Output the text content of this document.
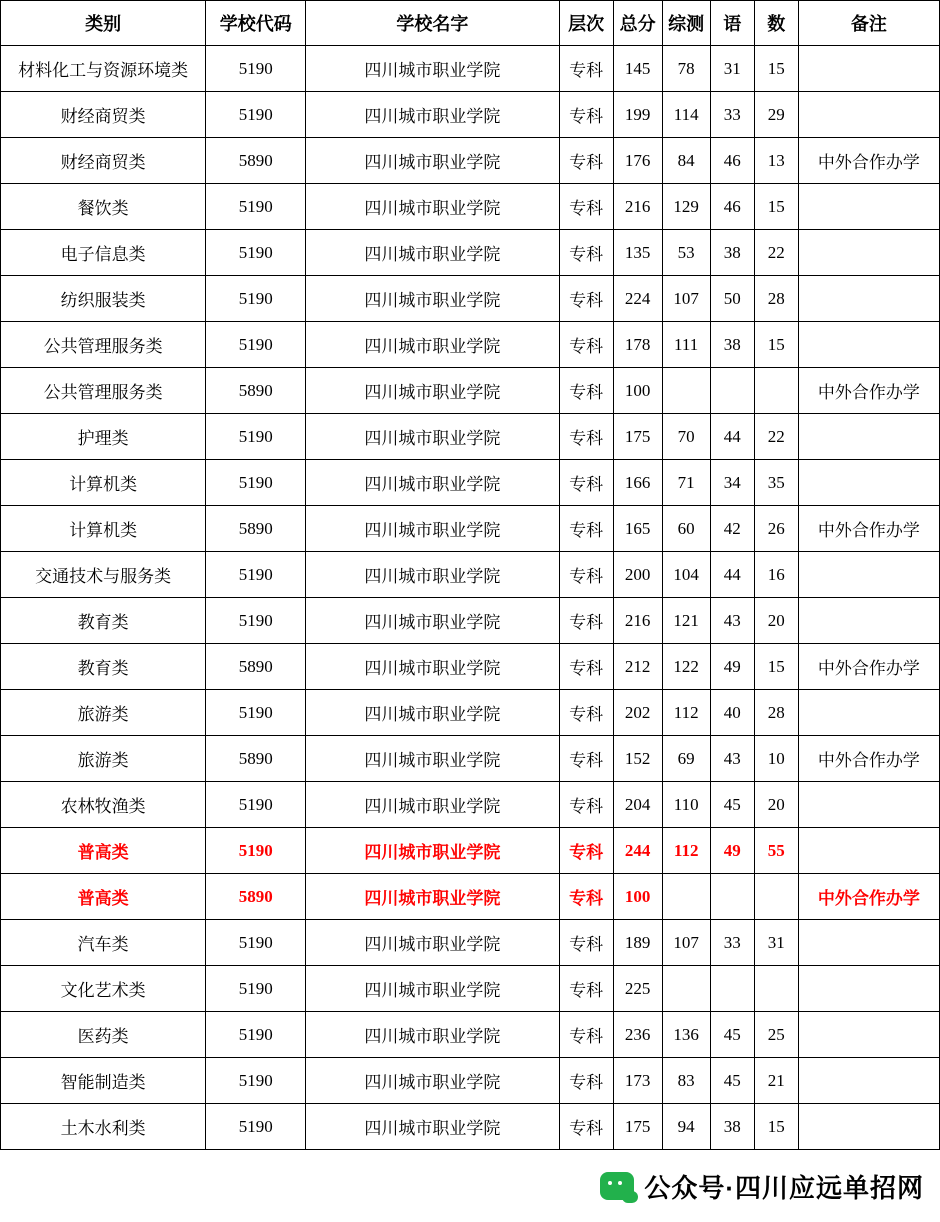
类别	学校代码	学校名字	层次	总分	综测	语	数	备注
材料化工与资源环境类	5190	四川城市职业学院	专科	145	78	31	15	
财经商贸类	5190	四川城市职业学院	专科	199	114	33	29	
财经商贸类	5890	四川城市职业学院	专科	176	84	46	13	中外合作办学
餐饮类	5190	四川城市职业学院	专科	216	129	46	15	
电子信息类	5190	四川城市职业学院	专科	135	53	38	22	
纺织服装类	5190	四川城市职业学院	专科	224	107	50	28	
公共管理服务类	5190	四川城市职业学院	专科	178	111	38	15	
公共管理服务类	5890	四川城市职业学院	专科	100				中外合作办学
护理类	5190	四川城市职业学院	专科	175	70	44	22	
计算机类	5190	四川城市职业学院	专科	166	71	34	35	
计算机类	5890	四川城市职业学院	专科	165	60	42	26	中外合作办学
交通技术与服务类	5190	四川城市职业学院	专科	200	104	44	16	
教育类	5190	四川城市职业学院	专科	216	121	43	20	
教育类	5890	四川城市职业学院	专科	212	122	49	15	中外合作办学
旅游类	5190	四川城市职业学院	专科	202	112	40	28	
旅游类	5890	四川城市职业学院	专科	152	69	43	10	中外合作办学
农林牧渔类	5190	四川城市职业学院	专科	204	110	45	20	
普高类	5190	四川城市职业学院	专科	244	112	49	55	
普高类	5890	四川城市职业学院	专科	100				中外合作办学
汽车类	5190	四川城市职业学院	专科	189	107	33	31	
文化艺术类	5190	四川城市职业学院	专科	225				
医药类	5190	四川城市职业学院	专科	236	136	45	25	
智能制造类	5190	四川城市职业学院	专科	173	83	45	21	
土木水利类	5190	四川城市职业学院	专科	175	94	38	15	
公众号·四川应远单招网
